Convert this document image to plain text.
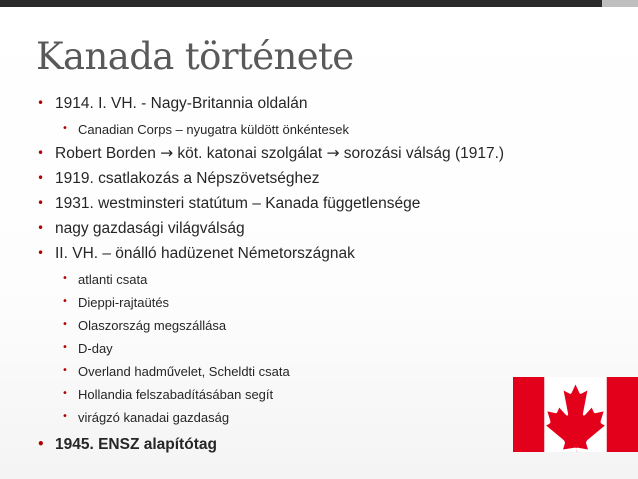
Kanada története
• 1914. I. VH. - Nagy-Britannia oldalán
• Canadian Corps – nyugatra küldött önkéntesek
• Robert Borden → köt. katonai szolgálat → sorozási válság (1917.)
• 1919. csatlakozás a Népszövetséghez
• 1931. westminsteri statútum – Kanada függetlensége
• nagy gazdasági világválság
• II. VH. – önálló hadüzenet Németországnak
• atlanti csata
• Dieppi-rajtaütés
• Olaszország megszállása
• D-day
• Overland hadművelet, Scheldti csata
• Hollandia felszabadításában segít
• virágzó kanadai gazdaság
• 1945. ENSZ alapítótag
